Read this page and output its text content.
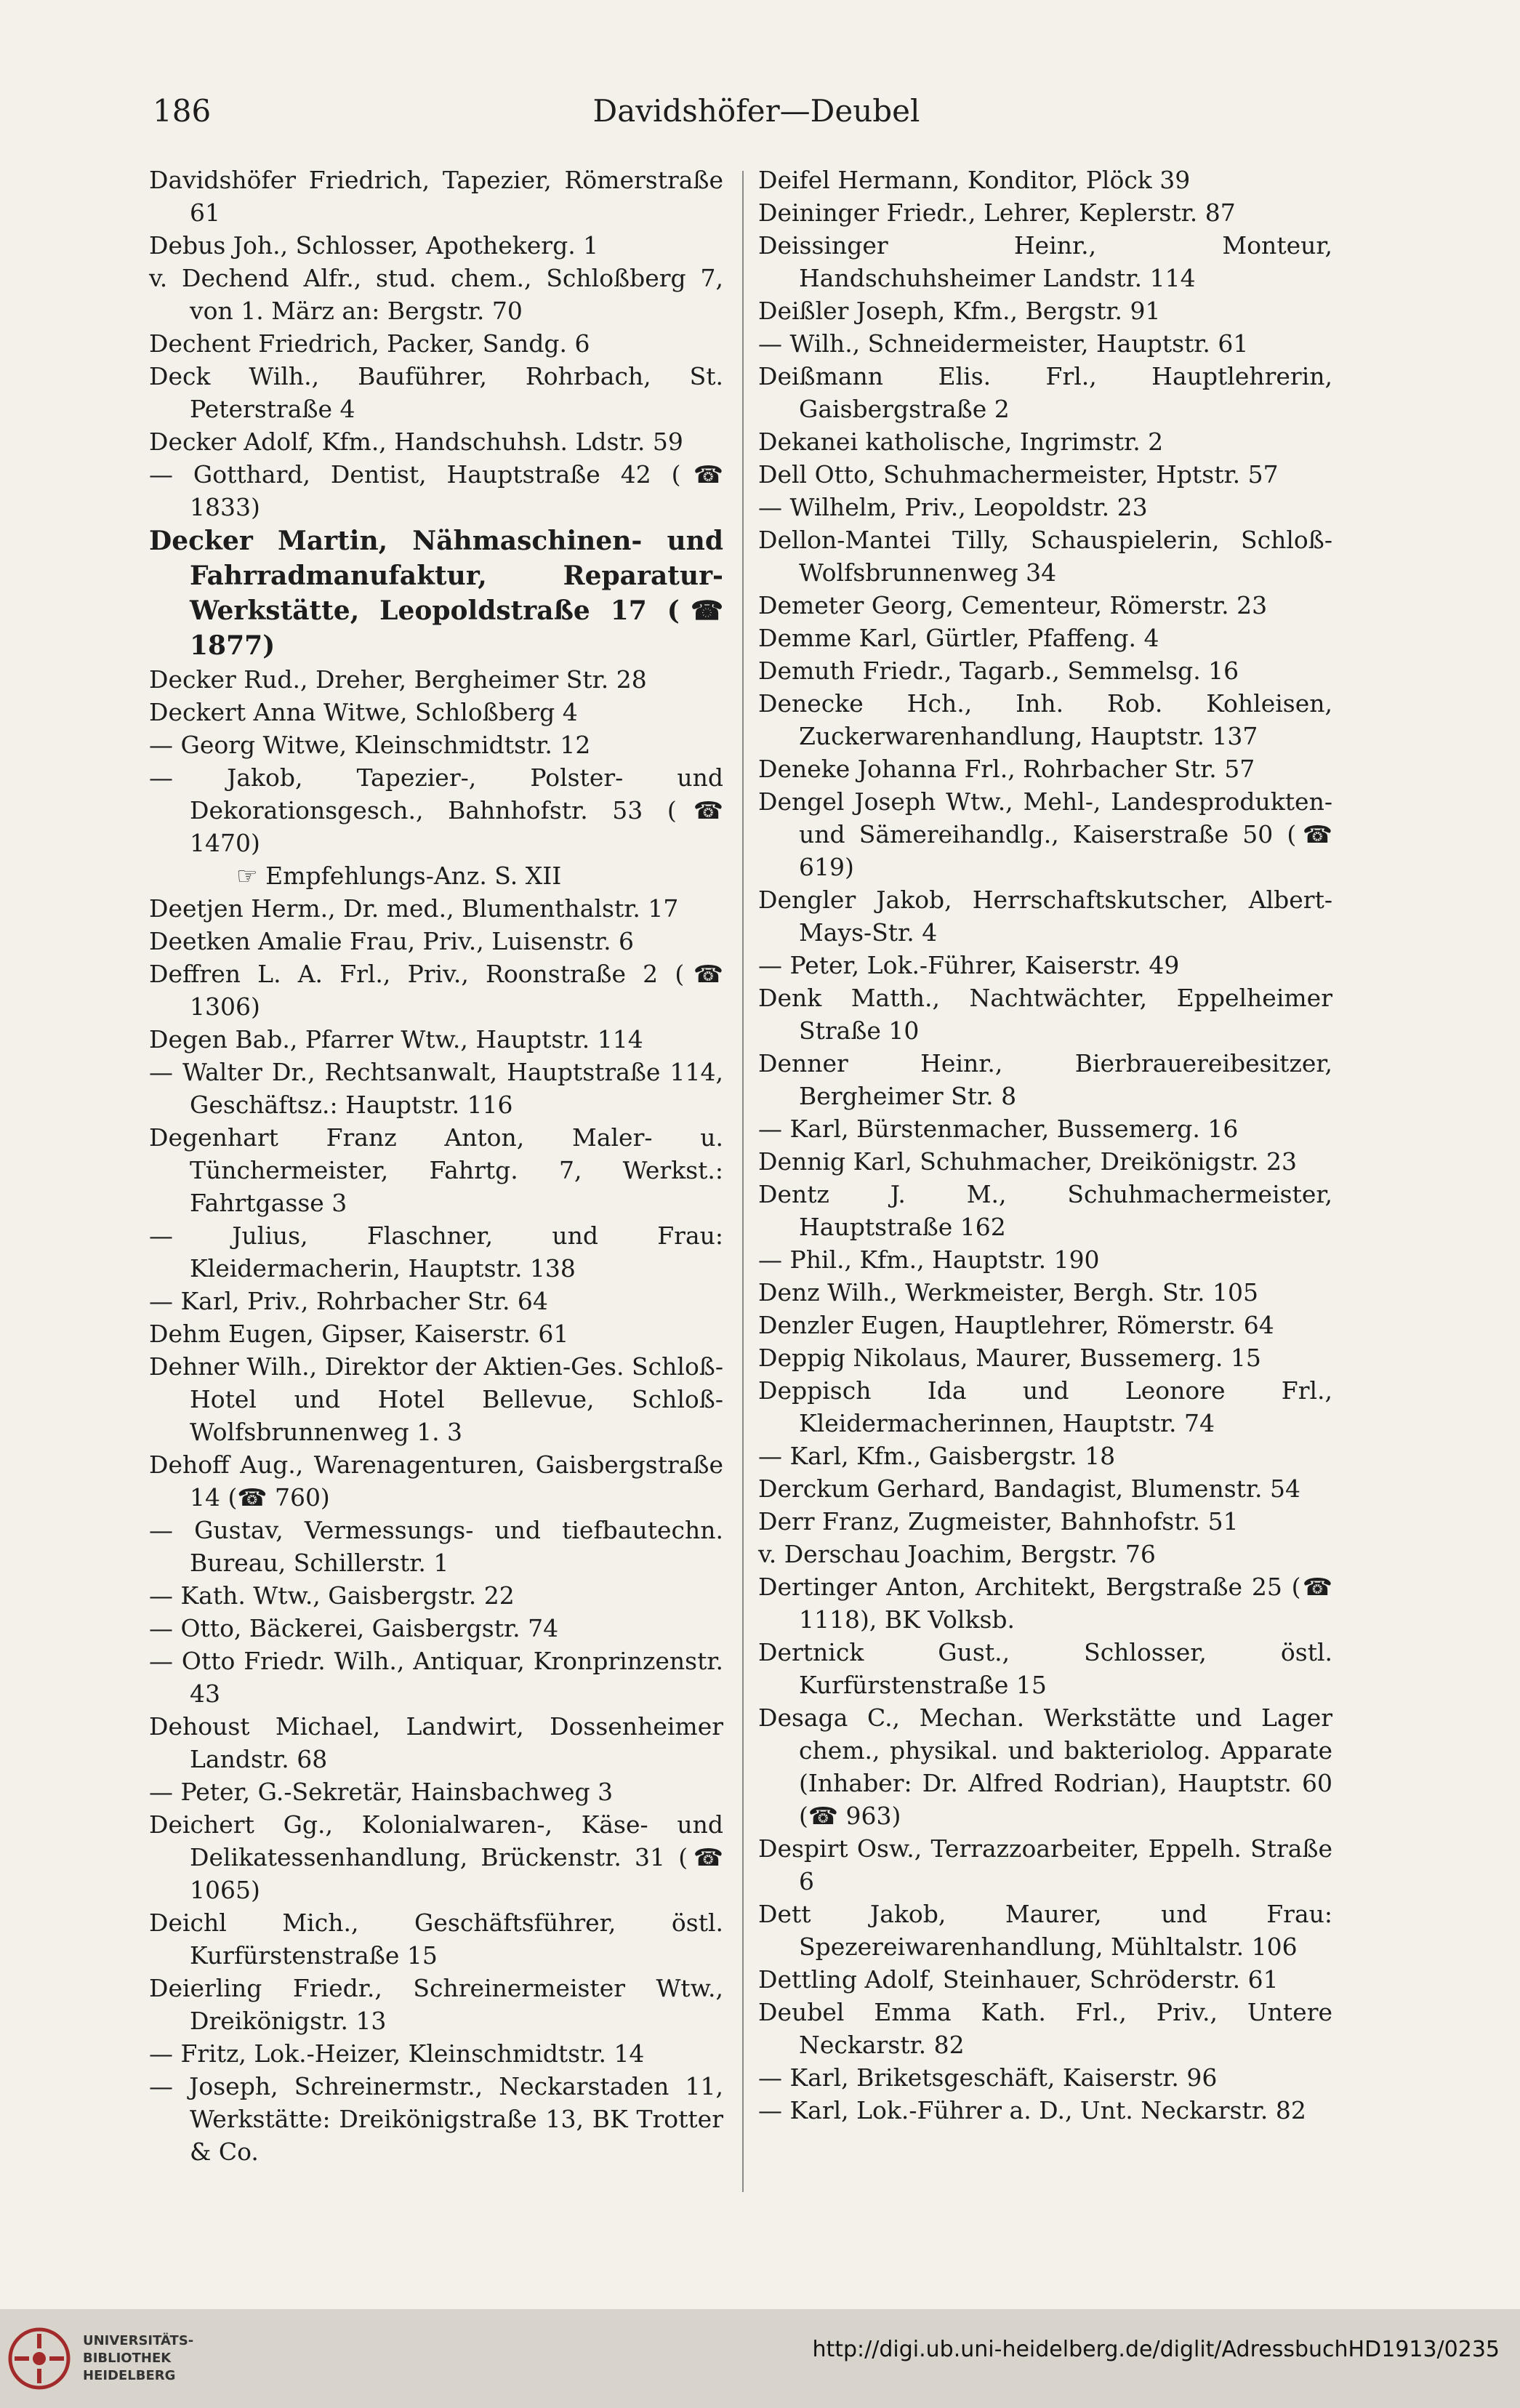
186	Davidshöfer—Deubel

Davidshöfer Friedrich, Tapezier, Römerstraße 61

Debus Joh., Schlosser, Apothekerg. 1

v. Dechend Alfr., stud. chem., Schloßberg 7, von 1. März an: Bergstr. 70

Dechent Friedrich, Packer, Sandg. 6

Deck Wilh., Bauführer, Rohrbach, St. Peterstraße 4

Decker Adolf, Kfm., Handschuhsh. Ldstr. 59

— Gotthard, Dentist, Hauptstraße 42 (☎ 1833)

Decker Martin, Nähmaschinen- und Fahrradmanufaktur, Reparatur-Werkstätte, Leopoldstraße 17 (☎ 1877)

Decker Rud., Dreher, Bergheimer Str. 28

Deckert Anna Witwe, Schloßberg 4

— Georg Witwe, Kleinschmidtstr. 12

— Jakob, Tapezier-, Polster- und Dekorationsgesch., Bahnhofstr. 53 (☎ 1470)

☞ Empfehlungs-Anz. S. XII

Deetjen Herm., Dr. med., Blumenthalstr. 17

Deetken Amalie Frau, Priv., Luisenstr. 6

Deffren L. A. Frl., Priv., Roonstraße 2 (☎ 1306)

Degen Bab., Pfarrer Wtw., Hauptstr. 114

— Walter Dr., Rechtsanwalt, Hauptstraße 114, Geschäftsz.: Hauptstr. 116

Degenhart Franz Anton, Maler- u. Tünchermeister, Fahrtg. 7, Werkst.: Fahrtgasse 3

— Julius, Flaschner, und Frau: Kleidermacherin, Hauptstr. 138

— Karl, Priv., Rohrbacher Str. 64

Dehm Eugen, Gipser, Kaiserstr. 61

Dehner Wilh., Direktor der Aktien-Ges. Schloß-Hotel und Hotel Bellevue, Schloß-Wolfsbrunnenweg 1. 3

Dehoff Aug., Warenagenturen, Gaisbergstraße 14 (☎ 760)

— Gustav, Vermessungs- und tiefbautechn. Bureau, Schillerstr. 1

— Kath. Wtw., Gaisbergstr. 22

— Otto, Bäckerei, Gaisbergstr. 74

— Otto Friedr. Wilh., Antiquar, Kronprinzenstr. 43

Dehoust Michael, Landwirt, Dossenheimer Landstr. 68

— Peter, G.-Sekretär, Hainsbachweg 3

Deichert Gg., Kolonialwaren-, Käse- und Delikatessenhandlung, Brückenstr. 31 (☎ 1065)

Deichl Mich., Geschäftsführer, östl. Kurfürstenstraße 15

Deierling Friedr., Schreinermeister Wtw., Dreikönigstr. 13

— Fritz, Lok.-Heizer, Kleinschmidtstr. 14

— Joseph, Schreinermstr., Neckarstaden 11, Werkstätte: Dreikönigstraße 13, BK Trotter & Co.

Deifel Hermann, Konditor, Plöck 39

Deininger Friedr., Lehrer, Keplerstr. 87

Deissinger Heinr., Monteur, Handschuhsheimer Landstr. 114

Deißler Joseph, Kfm., Bergstr. 91

— Wilh., Schneidermeister, Hauptstr. 61

Deißmann Elis. Frl., Hauptlehrerin, Gaisbergstraße 2

Dekanei katholische, Ingrimstr. 2

Dell Otto, Schuhmachermeister, Hptstr. 57

— Wilhelm, Priv., Leopoldstr. 23

Dellon-Mantei Tilly, Schauspielerin, Schloß-Wolfsbrunnenweg 34

Demeter Georg, Cementeur, Römerstr. 23

Demme Karl, Gürtler, Pfaffeng. 4

Demuth Friedr., Tagarb., Semmelsg. 16

Denecke Hch., Inh. Rob. Kohleisen, Zuckerwarenhandlung, Hauptstr. 137

Deneke Johanna Frl., Rohrbacher Str. 57

Dengel Joseph Wtw., Mehl-, Landesprodukten- und Sämereihandlg., Kaiserstraße 50 (☎ 619)

Dengler Jakob, Herrschaftskutscher, Albert-Mays-Str. 4

— Peter, Lok.-Führer, Kaiserstr. 49

Denk Matth., Nachtwächter, Eppelheimer Straße 10

Denner Heinr., Bierbrauereibesitzer, Bergheimer Str. 8

— Karl, Bürstenmacher, Bussemerg. 16

Dennig Karl, Schuhmacher, Dreikönigstr. 23

Dentz J. M., Schuhmachermeister, Hauptstraße 162

— Phil., Kfm., Hauptstr. 190

Denz Wilh., Werkmeister, Bergh. Str. 105

Denzler Eugen, Hauptlehrer, Römerstr. 64

Deppig Nikolaus, Maurer, Bussemerg. 15

Deppisch Ida und Leonore Frl., Kleidermacherinnen, Hauptstr. 74

— Karl, Kfm., Gaisbergstr. 18

Derckum Gerhard, Bandagist, Blumenstr. 54

Derr Franz, Zugmeister, Bahnhofstr. 51

v. Derschau Joachim, Bergstr. 76

Dertinger Anton, Architekt, Bergstraße 25 (☎ 1118), BK Volksb.

Dertnick Gust., Schlosser, östl. Kurfürstenstraße 15

Desaga C., Mechan. Werkstätte und Lager chem., physikal. und bakteriolog. Apparate (Inhaber: Dr. Alfred Rodrian), Hauptstr. 60 (☎ 963)

Despirt Osw., Terrazzoarbeiter, Eppelh. Straße 6

Dett Jakob, Maurer, und Frau: Spezereiwarenhandlung, Mühltalstr. 106

Dettling Adolf, Steinhauer, Schröderstr. 61

Deubel Emma Kath. Frl., Priv., Untere Neckarstr. 82

— Karl, Briketsgeschäft, Kaiserstr. 96

— Karl, Lok.-Führer a. D., Unt. Neckarstr. 82

UNIVERSITÄTS-
BIBLIOTHEK
HEIDELBERG
http://digi.ub.uni-heidelberg.de/diglit/AdressbuchHD1913/0235
